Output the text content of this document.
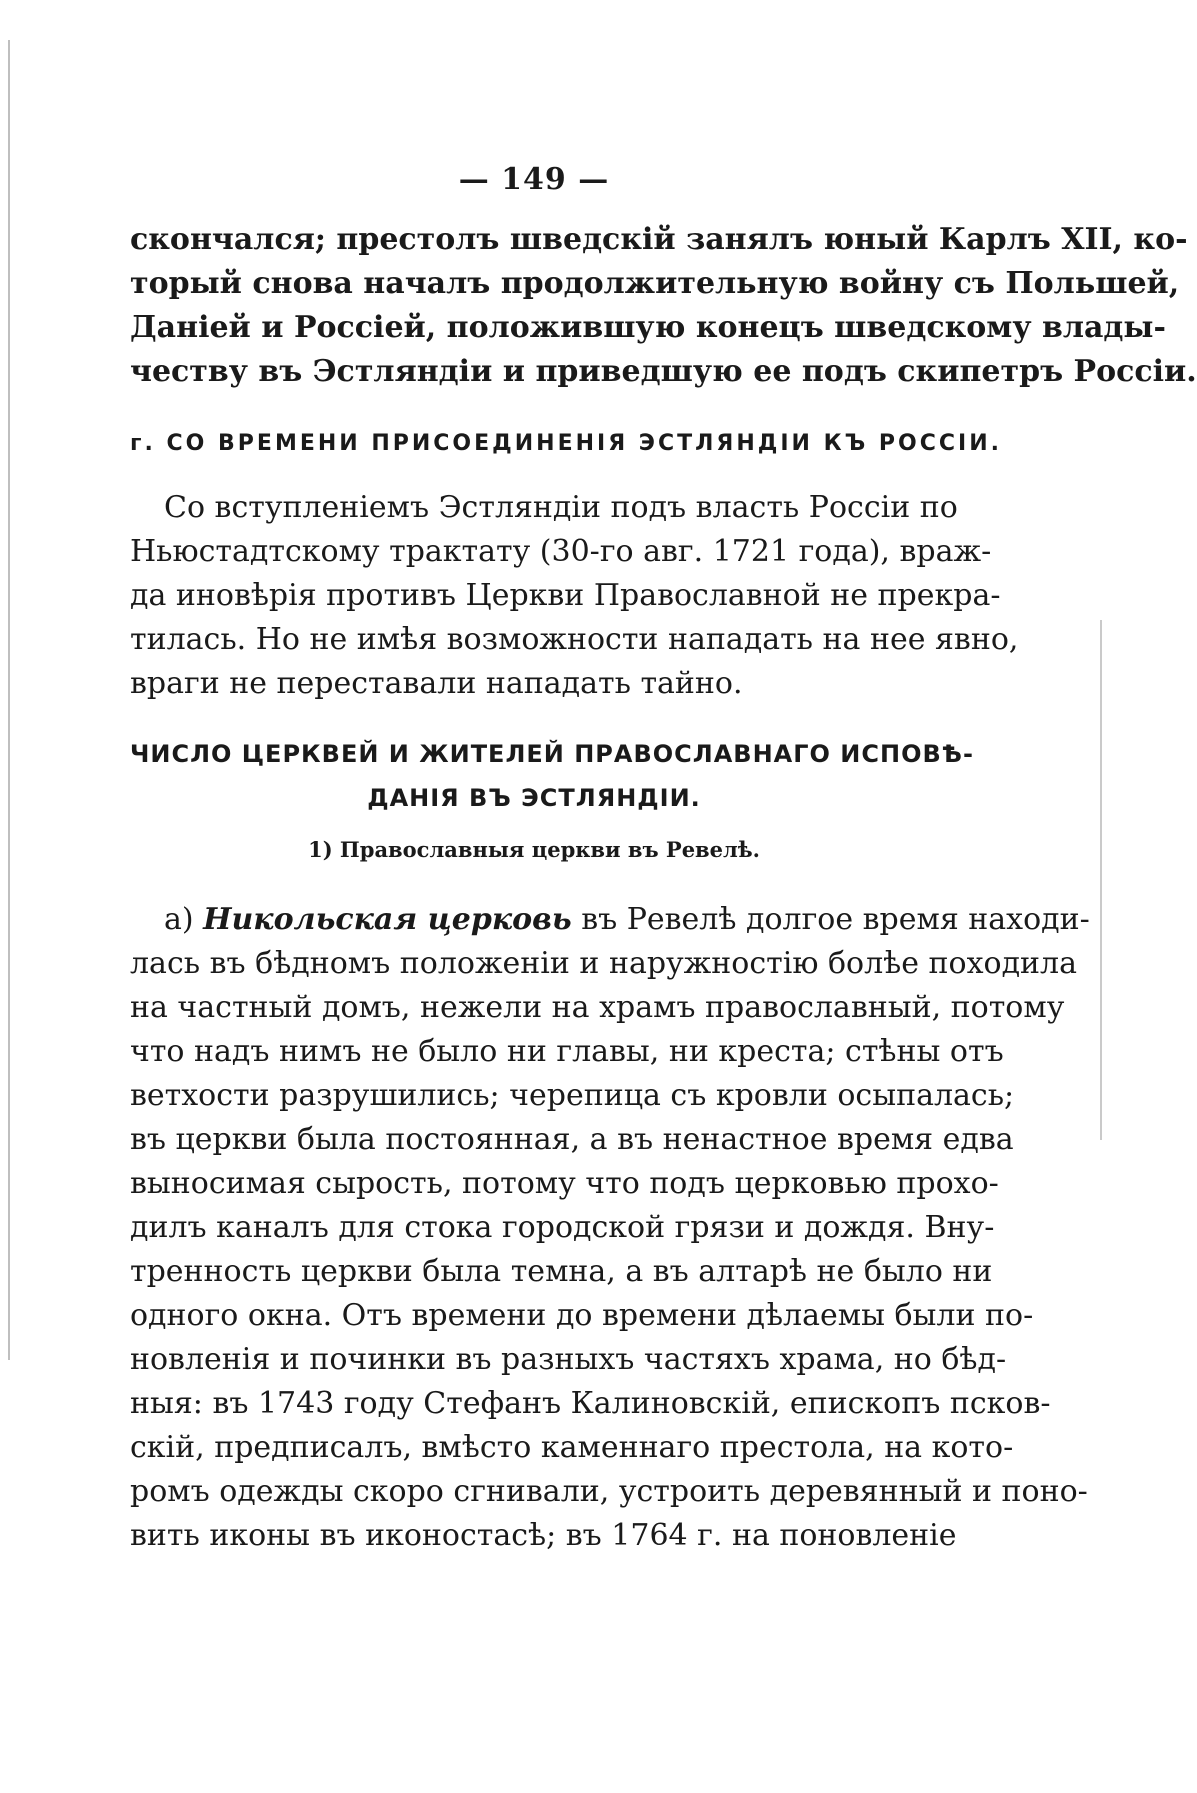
— 149 —
скончался; престолъ шведскій занялъ юный Карлъ XII, ко-
торый снова началъ продолжительную войну съ Польшей,
Даніей и Россіей, положившую конецъ шведскому влады-
честву въ Эстляндіи и приведшую ее подъ скипетръ Россіи.
г. СО ВРЕМЕНИ ПРИСОЕДИНЕНІЯ ЭСТЛЯНДІИ КЪ РОССІИ.
Со вступленіемъ Эстляндіи подъ власть Россіи по
Ньюстадтскому трактату (30-го авг. 1721 года), враж-
да иновѣрія противъ Церкви Православной не прекра-
тилась. Но не имѣя возможности нападать на нее явно,
враги не переставали нападать тайно.
ЧИСЛО ЦЕРКВЕЙ И ЖИТЕЛЕЙ ПРАВОСЛАВНАГО ИСПОВѢ-
ДАНІЯ ВЪ ЭСТЛЯНДІИ.
1) Православныя церкви въ Ревелѣ.
а) Никольская церковь въ Ревелѣ долгое время находи-
лась въ бѣдномъ положеніи и наружностію болѣе походила
на частный домъ, нежели на храмъ православный, потому
что надъ нимъ не было ни главы, ни креста; стѣны отъ
ветхости разрушились; черепица съ кровли осыпалась;
въ церкви была постоянная, а въ ненастное время едва
выносимая сырость, потому что подъ церковью прохо-
дилъ каналъ для стока городской грязи и дождя. Вну-
тренность церкви была темна, а въ алтарѣ не было ни
одного окна. Отъ времени до времени дѣлаемы были по-
новленія и починки въ разныхъ частяхъ храма, но бѣд-
ныя: въ 1743 году Стефанъ Калиновскій, епископъ псков-
скій, предписалъ, вмѣсто каменнаго престола, на кото-
ромъ одежды скоро сгнивали, устроить деревянный и поно-
вить иконы въ иконостасѣ; въ 1764 г. на поновленіе
